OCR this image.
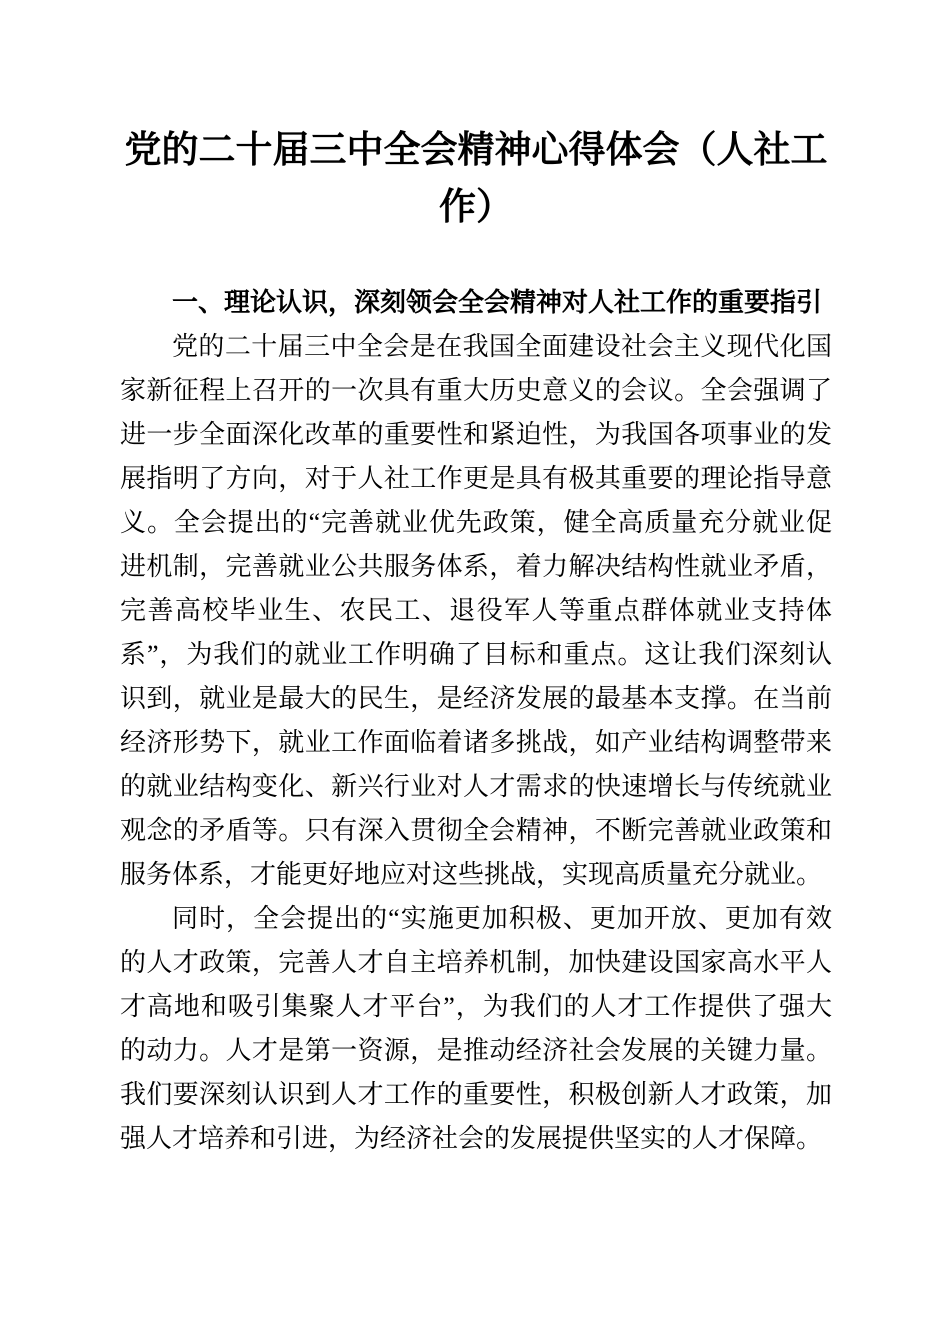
党的二十届三中全会精神心得体会（人社工作）

一、理论认识，深刻领会全会精神对人社工作的重要指引

党的二十届三中全会是在我国全面建设社会主义现代化国家新征程上召开的一次具有重大历史意义的会议。全会强调了进一步全面深化改革的重要性和紧迫性，为我国各项事业的发展指明了方向，对于人社工作更是具有极其重要的理论指导意义。全会提出的“完善就业优先政策，健全高质量充分就业促进机制，完善就业公共服务体系，着力解决结构性就业矛盾，完善高校毕业生、农民工、退役军人等重点群体就业支持体系”，为我们的就业工作明确了目标和重点。这让我们深刻认识到，就业是最大的民生，是经济发展的最基本支撑。在当前经济形势下，就业工作面临着诸多挑战，如产业结构调整带来的就业结构变化、新兴行业对人才需求的快速增长与传统就业观念的矛盾等。只有深入贯彻全会精神，不断完善就业政策和服务体系，才能更好地应对这些挑战，实现高质量充分就业。

同时，全会提出的“实施更加积极、更加开放、更加有效的人才政策，完善人才自主培养机制，加快建设国家高水平人才高地和吸引集聚人才平台”，为我们的人才工作提供了强大的动力。人才是第一资源，是推动经济社会发展的关键力量。我们要深刻认识到人才工作的重要性，积极创新人才政策，加强人才培养和引进，为经济社会的发展提供坚实的人才保障。
